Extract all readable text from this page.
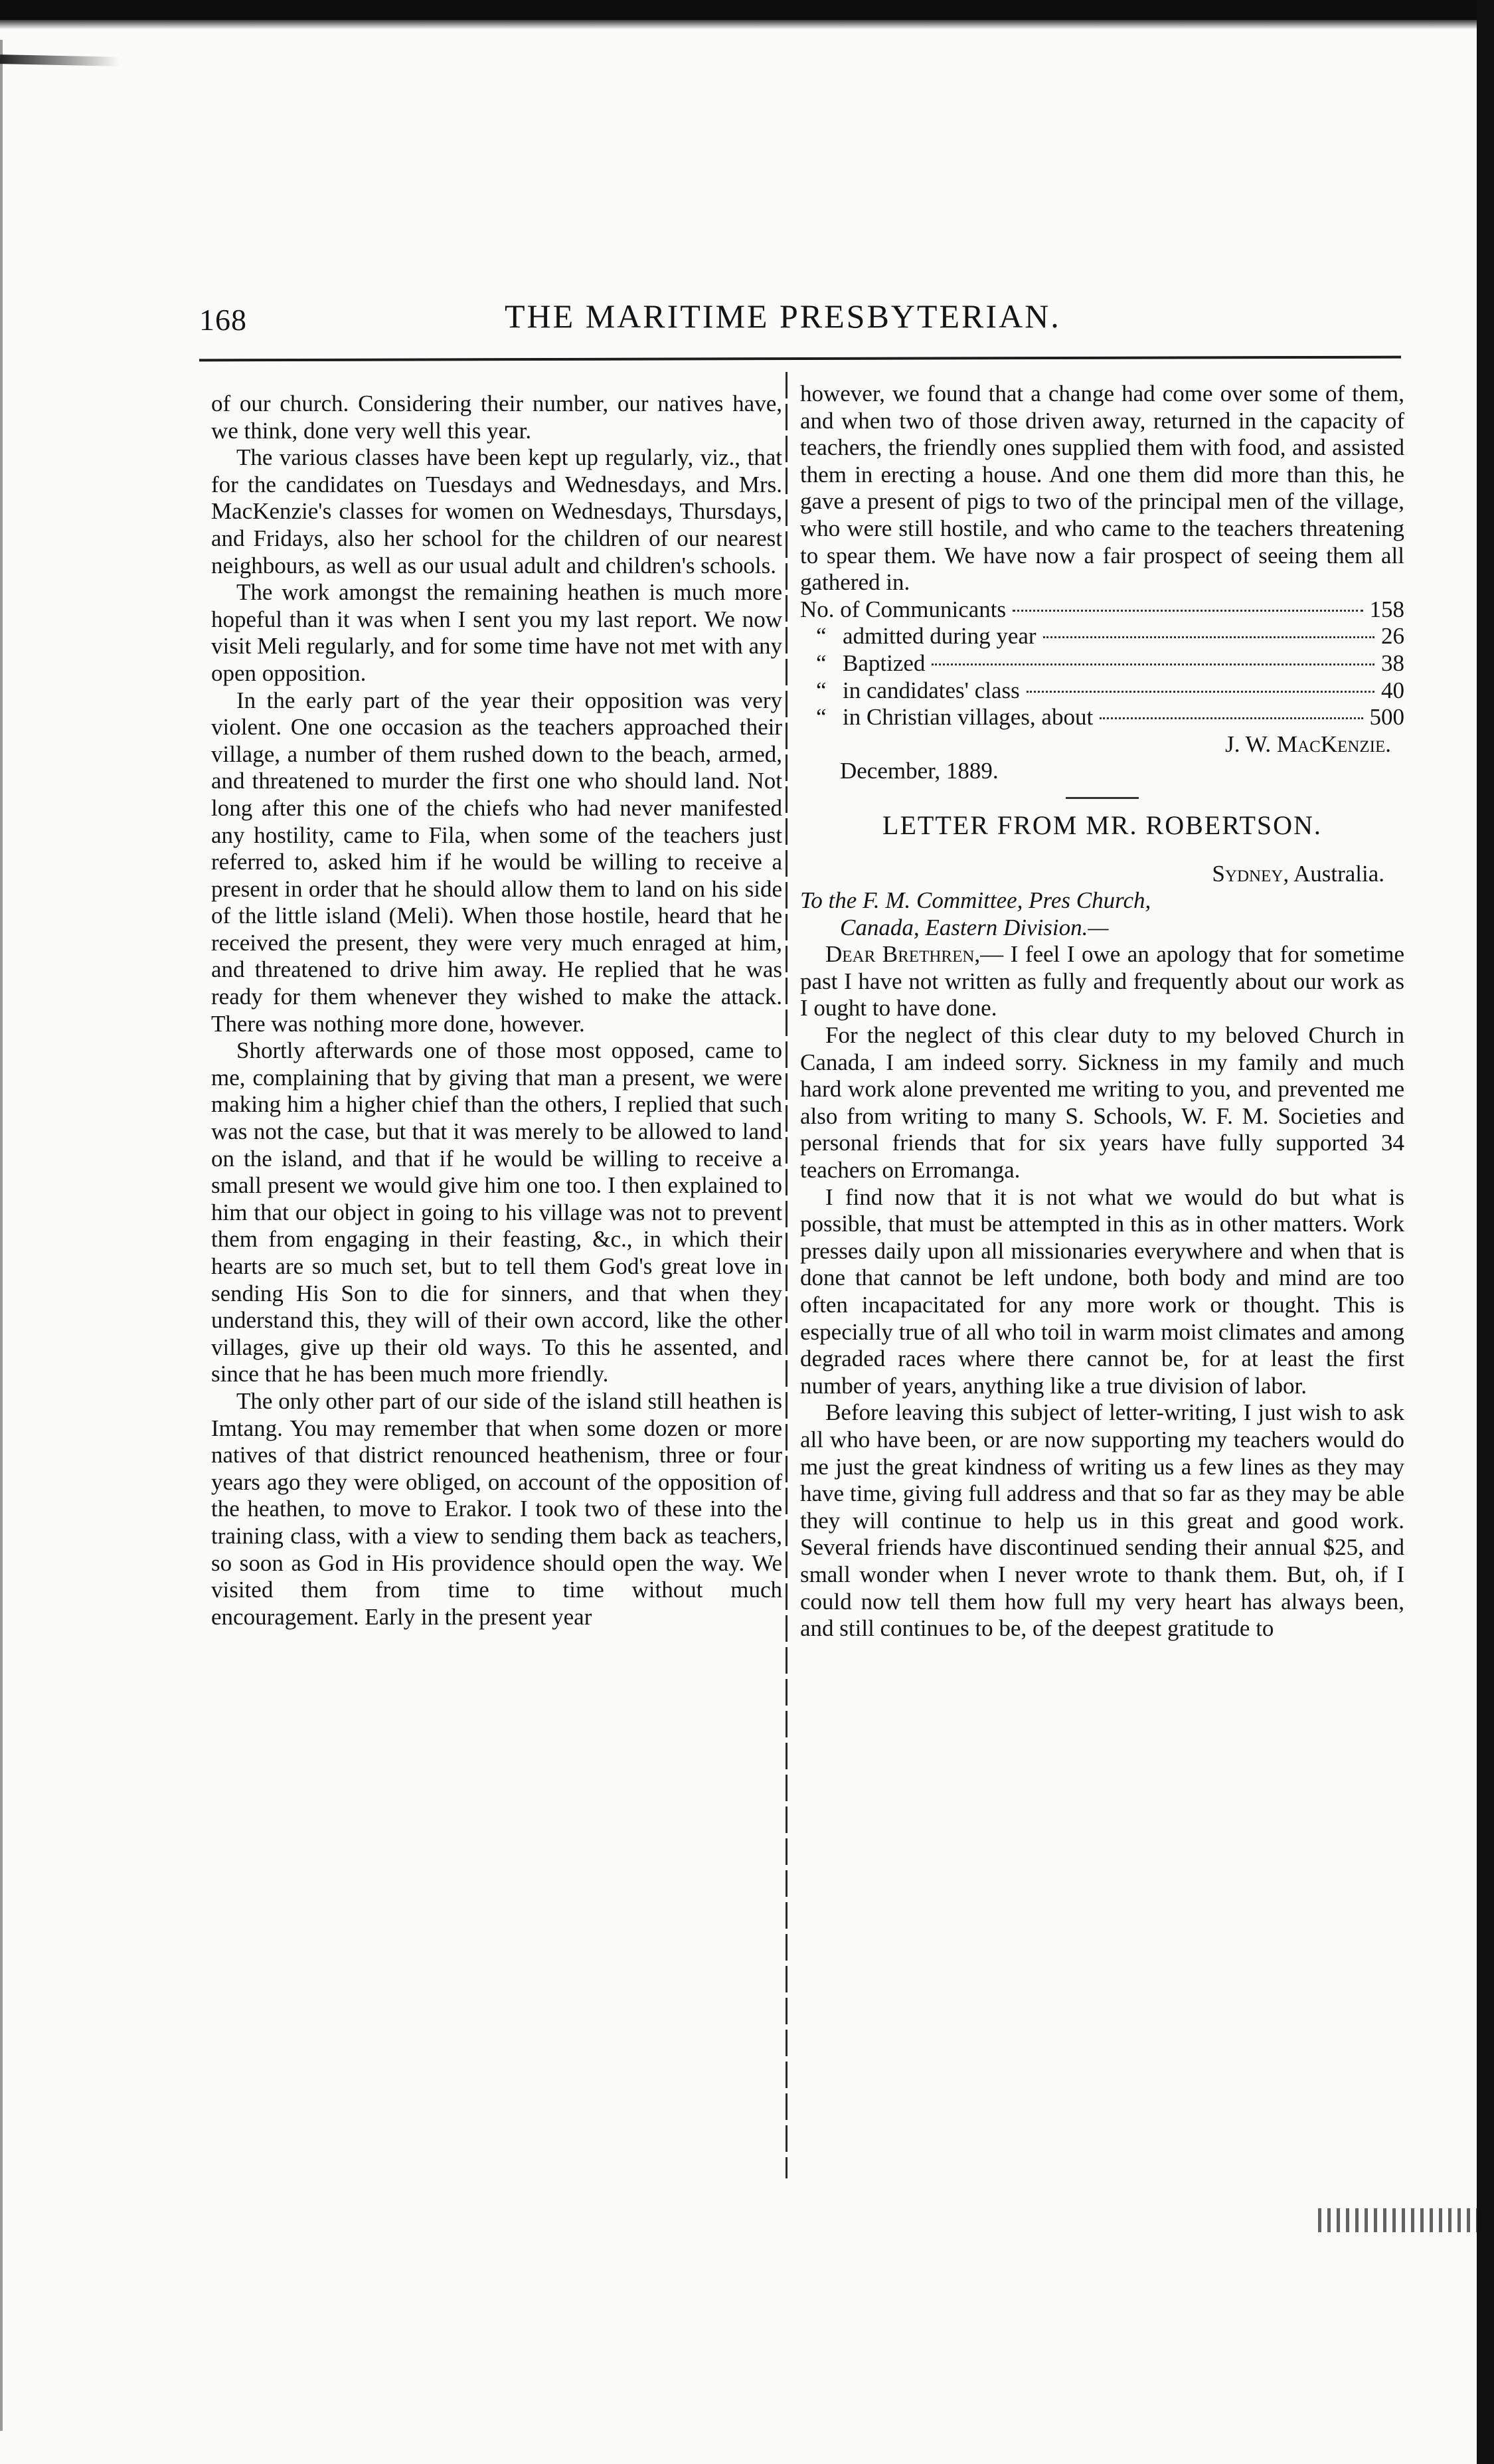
168	THE MARITIME PRESBYTERIAN.

of our church. Considering their number, our natives have, we think, done very well this year.

The various classes have been kept up regularly, viz., that for the candidates on Tuesdays and Wednesdays, and Mrs. MacKenzie's classes for women on Wednesdays, Thursdays, and Fridays, also her school for the children of our nearest neighbours, as well as our usual adult and children's schools.

The work amongst the remaining heathen is much more hopeful than it was when I sent you my last report. We now visit Meli regularly, and for some time have not met with any open opposition.

In the early part of the year their opposition was very violent. One one occasion as the teachers approached their village, a number of them rushed down to the beach, armed, and threatened to murder the first one who should land. Not long after this one of the chiefs who had never manifested any hostility, came to Fila, when some of the teachers just referred to, asked him if he would be willing to receive a present in order that he should allow them to land on his side of the little island (Meli). When those hostile, heard that he received the present, they were very much enraged at him, and threatened to drive him away. He replied that he was ready for them whenever they wished to make the attack. There was nothing more done, however.

Shortly afterwards one of those most opposed, came to me, complaining that by giving that man a present, we were making him a higher chief than the others, I replied that such was not the case, but that it was merely to be allowed to land on the island, and that if he would be willing to receive a small present we would give him one too. I then explained to him that our object in going to his village was not to prevent them from engaging in their feasting, &c., in which their hearts are so much set, but to tell them God's great love in sending His Son to die for sinners, and that when they understand this, they will of their own accord, like the other villages, give up their old ways. To this he assented, and since that he has been much more friendly.

The only other part of our side of the island still heathen is Imtang. You may remember that when some dozen or more natives of that district renounced heathenism, three or four years ago they were obliged, on account of the opposition of the heathen, to move to Erakor. I took two of these into the training class, with a view to sending them back as teachers, so soon as God in His providence should open the way. We visited them from time to time without much encouragement. Early in the present year

however, we found that a change had come over some of them, and when two of those driven away, returned in the capacity of teachers, the friendly ones supplied them with food, and assisted them in erecting a house. And one them did more than this, he gave a present of pigs to two of the principal men of the village, who were still hostile, and who came to the teachers threatening to spear them. We have now a fair prospect of seeing them all gathered in.

No. of Communicants	158
“ admitted during year	26
“ Baptized	38
“ in candidates' class	40
“ in Christian villages, about	500
J. W. MacKenzie.
December, 1889.
LETTER FROM MR. ROBERTSON.
Sydney, Australia.
To the F. M. Committee, Pres Church,
Canada, Eastern Division.—

Dear Brethren,— I feel I owe an apology that for sometime past I have not written as fully and frequently about our work as I ought to have done.

For the neglect of this clear duty to my beloved Church in Canada, I am indeed sorry. Sickness in my family and much hard work alone prevented me writing to you, and prevented me also from writing to many S. Schools, W. F. M. Societies and personal friends that for six years have fully supported 34 teachers on Erromanga.

I find now that it is not what we would do but what is possible, that must be attempted in this as in other matters. Work presses daily upon all missionaries everywhere and when that is done that cannot be left undone, both body and mind are too often incapacitated for any more work or thought. This is especially true of all who toil in warm moist climates and among degraded races where there cannot be, for at least the first number of years, anything like a true division of labor.

Before leaving this subject of letter-writing, I just wish to ask all who have been, or are now supporting my teachers would do me just the great kindness of writing us a few lines as they may have time, giving full address and that so far as they may be able they will continue to help us in this great and good work. Several friends have discontinued sending their annual $25, and small wonder when I never wrote to thank them. But, oh, if I could now tell them how full my very heart has always been, and still continues to be, of the deepest gratitude to
